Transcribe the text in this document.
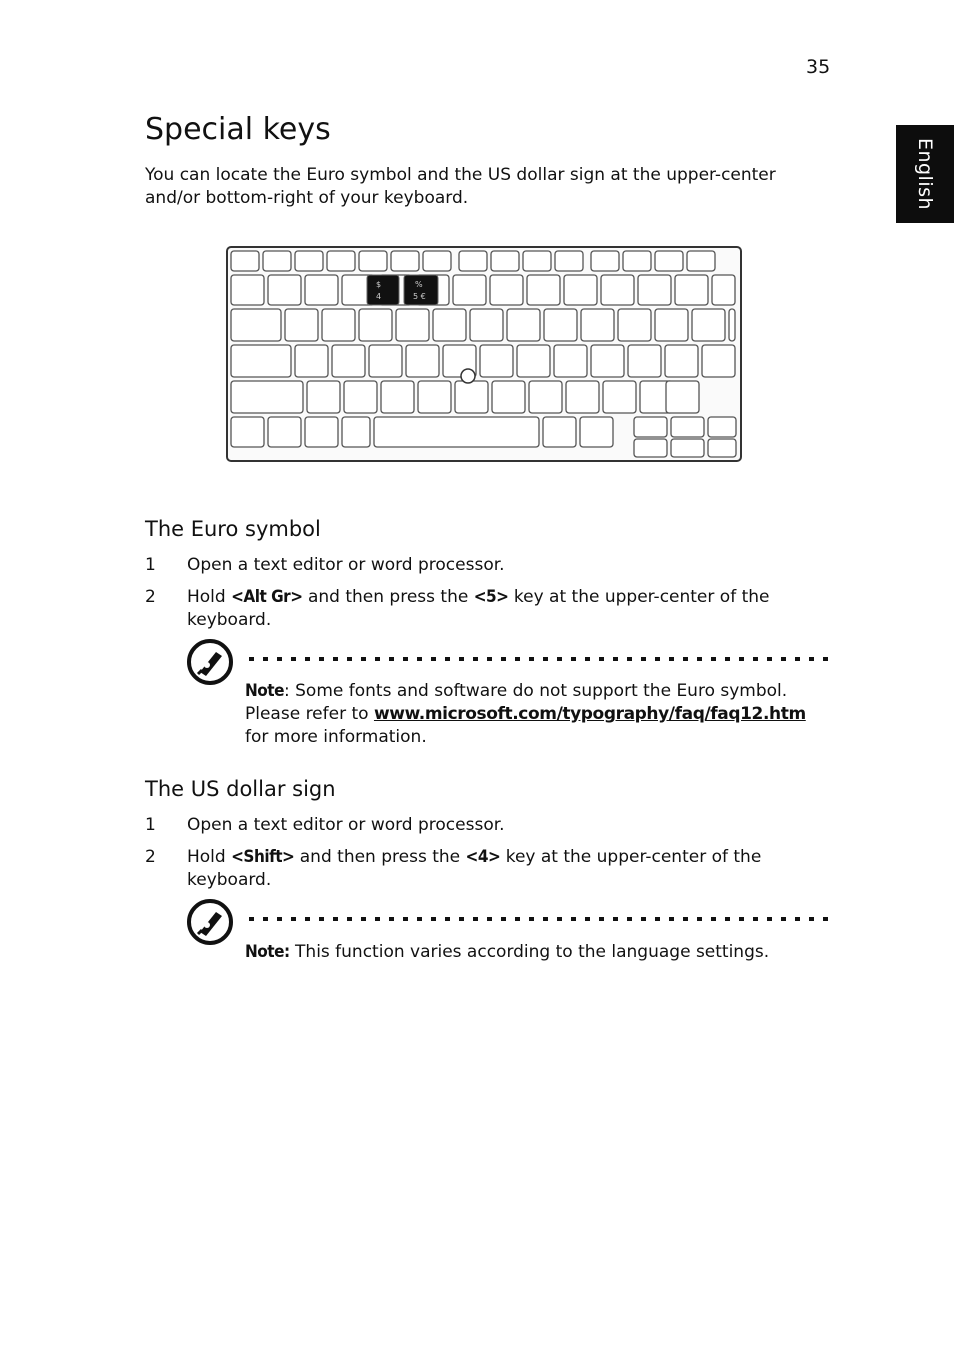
35
English
Special keys

You can locate the Euro symbol and the US dollar sign at the upper-center and/or bottom-right of your keyboard.

$
4
%
5 €
The Euro symbol
1 Open a text editor or word processor.
2 Hold <Alt Gr> and then press the <5> key at the upper-center of the keyboard.
Note: Some fonts and software do not support the Euro symbol. Please refer to www.microsoft.com/typography/faq/faq12.htm for more information.
The US dollar sign
1 Open a text editor or word processor.
2 Hold <Shift> and then press the <4> key at the upper-center of the keyboard.
Note: This function varies according to the language settings.
